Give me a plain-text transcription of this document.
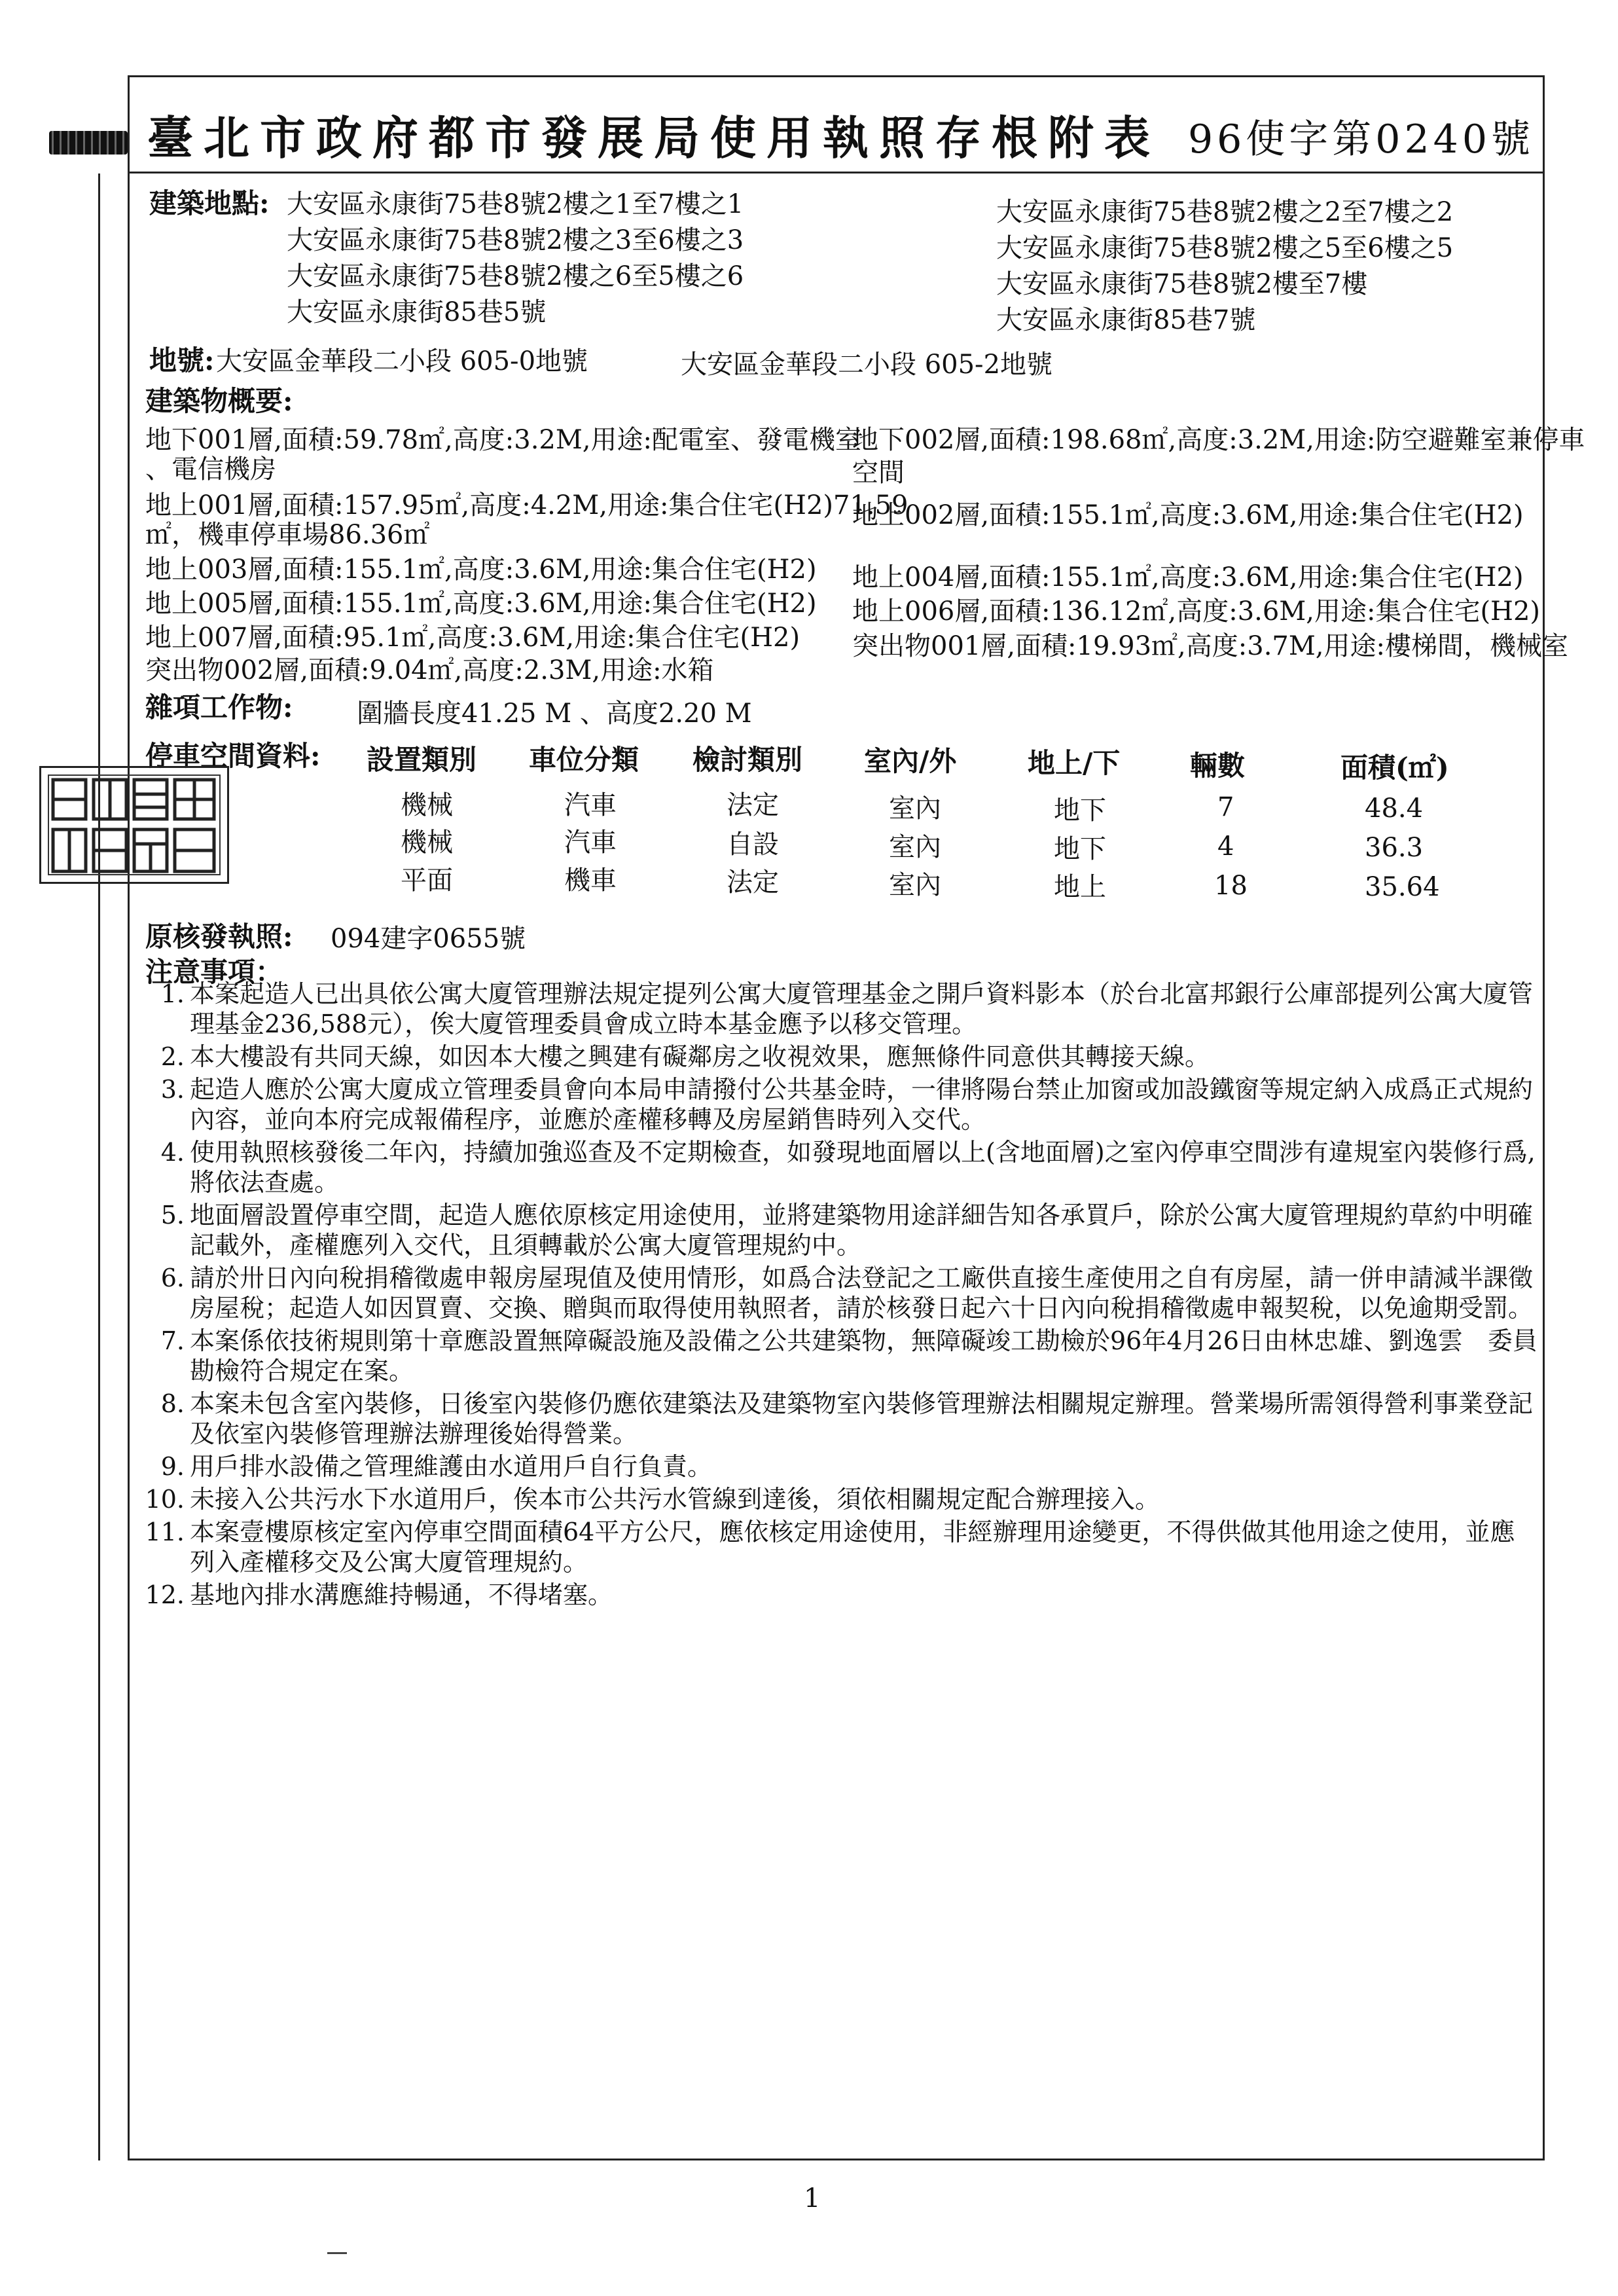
臺北市政府都市發展局使用執照存根附表 96使字第0240號
建築地點: 大安區永康街75巷8號2樓之1至7樓之1
大安區永康街75巷8號2樓之3至6樓之3
大安區永康街75巷8號2樓之6至5樓之6
大安區永康街85巷5號
大安區永康街75巷8號2樓之2至7樓之2
大安區永康街75巷8號2樓之5至6樓之5
大安區永康街75巷8號2樓至7樓
大安區永康街85巷7號
地號: 大安區金華段二小段 605-0地號	大安區金華段二小段 605-2地號
建築物概要:
地下001層,面積:59.78㎡,高度:3.2M,用途:配電室、發電機室
、電信機房
地下002層,面積:198.68㎡,高度:3.2M,用途:防空避難室兼停車
空間
地上001層,面積:157.95㎡,高度:4.2M,用途:集合住宅(H2)71.59
㎡，機車停車場86.36㎡
地上002層,面積:155.1㎡,高度:3.6M,用途:集合住宅(H2)
地上003層,面積:155.1㎡,高度:3.6M,用途:集合住宅(H2) 地上004層,面積:155.1㎡,高度:3.6M,用途:集合住宅(H2)
地上005層,面積:155.1㎡,高度:3.6M,用途:集合住宅(H2) 地上006層,面積:136.12㎡,高度:3.6M,用途:集合住宅(H2)
地上007層,面積:95.1㎡,高度:3.6M,用途:集合住宅(H2) 突出物001層,面積:19.93㎡,高度:3.7M,用途:樓梯間，機械室
突出物002層,面積:9.04㎡,高度:2.3M,用途:水箱
雜項工作物: 圍牆長度41.25 M 、高度2.20 M
停車空間資料: 設置類別 車位分類 檢討類別 室內/外	地上/下	輛數	面積(㎡)
機械	汽車	法定	室內	地下	7	48.4
機械	汽車	自設	室內	地下	4	36.3
平面	機車	法定	室內	地上	18	35.64
原核發執照: 094建字0655號
注意事項：
1. 本案起造人已出具依公寓大廈管理辦法規定提列公寓大廈管理基金之開戶資料影本（於台北富邦銀行公庫部提列公寓大廈管理基金236,588元），俟大廈管理委員會成立時本基金應予以移交管理。
2. 本大樓設有共同天線，如因本大樓之興建有礙鄰房之收視效果，應無條件同意供其轉接天線。
3. 起造人應於公寓大廈成立管理委員會向本局申請撥付公共基金時，一律將陽台禁止加窗或加設鐵窗等規定納入成爲正式規約內容，並向本府完成報備程序，並應於產權移轉及房屋銷售時列入交代。
4. 使用執照核發後二年內，持續加強巡查及不定期檢查，如發現地面層以上(含地面層)之室內停車空間涉有違規室內裝修行爲,將依法查處。
5. 地面層設置停車空間，起造人應依原核定用途使用，並將建築物用途詳細告知各承買戶，除於公寓大廈管理規約草約中明確記載外，產權應列入交代，且須轉載於公寓大廈管理規約中。
6. 請於卅日內向稅捐稽徵處申報房屋現值及使用情形，如爲合法登記之工廠供直接生產使用之自有房屋，請一併申請減半課徵房屋稅；起造人如因買賣、交換、贈與而取得使用執照者，請於核發日起六十日內向稅捐稽徵處申報契稅，以免逾期受罰。
7. 本案係依技術規則第十章應設置無障礙設施及設備之公共建築物，無障礙竣工勘檢於96年4月26日由林忠雄、劉逸雲　委員勘檢符合規定在案。
8. 本案未包含室內裝修，日後室內裝修仍應依建築法及建築物室內裝修管理辦法相關規定辦理。營業場所需領得營利事業登記及依室內裝修管理辦法辦理後始得營業。
9. 用戶排水設備之管理維護由水道用戶自行負責。
10. 未接入公共污水下水道用戶，俟本市公共污水管線到達後，須依相關規定配合辦理接入。
11. 本案壹樓原核定室內停車空間面積64平方公尺，應依核定用途使用，非經辦理用途變更，不得供做其他用途之使用，並應列入產權移交及公寓大廈管理規約。
12. 基地內排水溝應維持暢通，不得堵塞。
1
